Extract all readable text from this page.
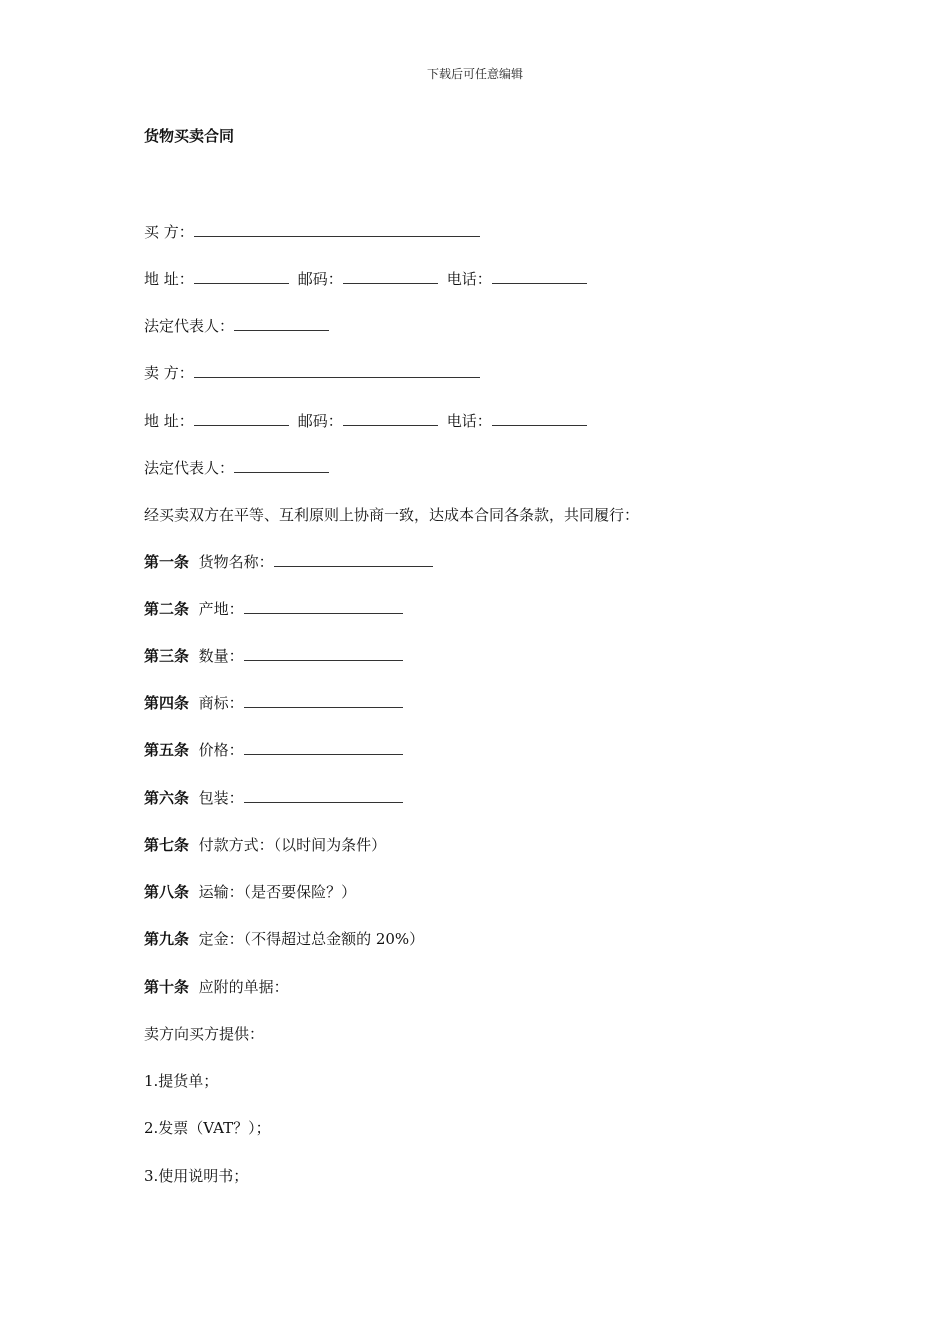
下载后可任意编辑
货物买卖合同
买 方：
地 址：	邮码：	电话：
法定代表人：
卖 方：
地 址：	邮码：	电话：
法定代表人：
经买卖双方在平等、互利原则上协商一致，达成本合同各条款，共同履行：
第一条 货物名称：
第二条 产地：
第三条 数量：
第四条 商标：
第五条 价格：
第六条 包装：
第七条 付款方式：（以时间为条件）
第八条 运输：（是否要保险？）
第九条 定金：（不得超过总金额的 20%）
第十条 应附的单据：
卖方向买方提供：
1.提货单；
2.发票（VAT？）；
3.使用说明书；
